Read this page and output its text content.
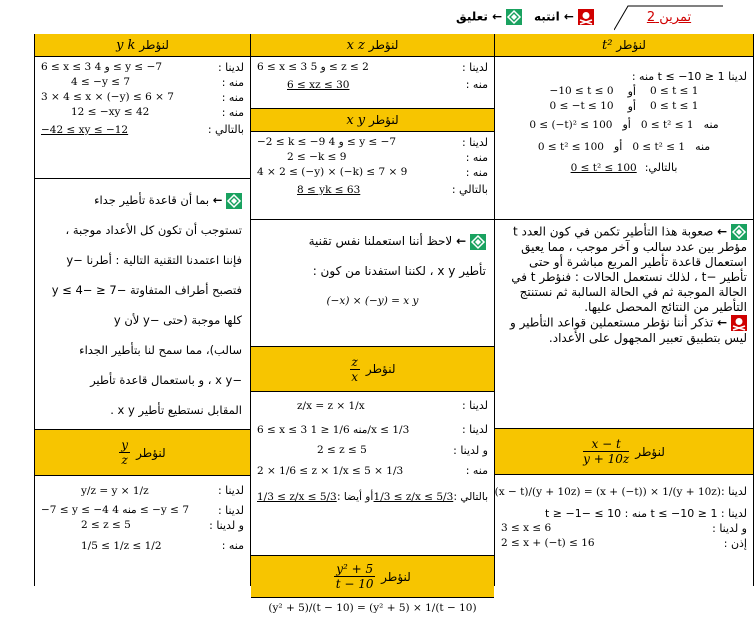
تمرين 2
← انتبه
← تعليق
لنؤطر t²
لدينا 1 ≤ t ≤ −10 منه :
0 ≤ t ≤ 1
أو
−10 ≤ t ≤ 0
0 ≤ t ≤ 1
أو
0 ≤ −t ≤ 10
منه
0 ≤ t² ≤ 1
أو
0 ≤ (−t)² ≤ 100
منه
0 ≤ t² ≤ 1
أو
0 ≤ t² ≤ 100
بالتالي:
0 ≤ t² ≤ 100
← صعوبة هذا التأطير تكمن في كون العدد t مؤطر بين عدد سالب و آخر موجب ، مما يعيق استعمال قاعدة تأطير المربع مباشرة أو حتى تأطير −t ، لذلك نستعمل الحالات : فنؤطر t في الحالة الموجبة ثم في الحالة السالبة ثم نستنتج التأطير من النتائج المحصل عليها.
← تذكر أننا نؤطر مستعملين قواعد التأطير و ليس بتطبيق تعبير المجهول على الأعداد.
لنؤطر
$\frac{x - t}{y + 10z}$
لدينا :
(x − t)/(y + 10z) = (x + (−t)) × 1/(y + 10z)
لدينا : 1 ≤ t ≤ −10 منه : 10 ≥ −t ≥ −1
و لدينا :
3 ≤ x ≤ 6
إذن :
2 ≤ x + (−t) ≤ 16
لنؤطر x z
لدينا :
6 ≤ x ≤ 3 و 5 ≤ z ≤ 2
منه :
6 ≤ xz ≤ 30
لنؤطر x y
لدينا :
−2 ≤ k ≤ −9 و 4 ≤ y ≤ −7
منه :
2 ≤ −k ≤ 9
منه :
4 × 2 ≤ (−y) × (−k) ≤ 7 × 9
بالتالي :
8 ≤ yk ≤ 63
← لاحظ أننا استعملنا نفس تقنية
تأطير x y ، لكننا استفدنا من كون :
(−x) × (−y) = x y
لنؤطر
$\frac{z}{x}$
لدينا :
z/x = z × 1/x
لدينا :
6 ≤ x ≤ 3 منه 1/6 ≤ 1/x ≤ 1/3
و لدينا :
2 ≤ z ≤ 5
منه :
2 × 1/6 ≤ z × 1/x ≤ 5 × 1/3
بالتالي :
1/3 ≤ z/x ≤ 5/3
أو أيضا :
1/3 ≤ z/x ≤ 5/3
لنؤطر
$\frac{\text{y² + 5}}{t - 10}$
(y² + 5)/(t − 10) = (y² + 5) × 1/(t − 10)
لنؤطر y k
لدينا :
6 ≤ x ≤ 3 و 4 ≤ y ≤ −7
منه :
4 ≤ −y ≤ 7
منه :
3 × 4 ≤ x × (−y) ≤ 6 × 7
منه :
12 ≤ −xy ≤ 42
بالتالي :
−42 ≤ xy ≤ −12
← بما أن قاعدة تأطير جداء
تستوجب أن تكون كل الأعداد موجبة ،
فإننا اعتمدنا التقنية التالية : أطرنا −y
فتصبح أطراف المتفاوتة −7 ≤ −y ≤ 4
كلها موجبة (حتى −y لأن y
سالب)، مما سمح لنا بتأطير الجداء
−x y ، و باستعمال قاعدة تأطير
المقابل نستطيع تأطير x y .
لنؤطر
$\frac{y}{z}$
لدينا :
y/z = y × 1/z
لدينا :
−7 ≤ y ≤ −4 منه 4 ≤ −y ≤ 7
و لدينا :
2 ≤ z ≤ 5
منه :
1/5 ≤ 1/z ≤ 1/2
